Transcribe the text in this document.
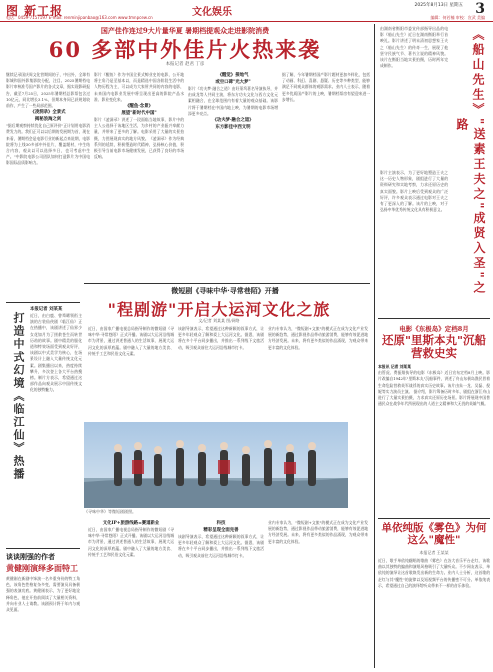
图 新工报
电话：0459-7157197 E-mail: renminjipanbao@163.com www.tmnpcew.cn	文化娱乐
2025年8月13日 星期五 3
编辑：何若楠 审校：宣武 美编
国产佳作连过9大片量华夏 暑期档提观众走进影院消费
60 多部中外佳片火热来袭
本报记者 赵君 丁彦
继续记录国庆周文化营期间的子，中出外，全球有影城和国外影集影院分配，注目。2025暑期档电影片审核准号国产影片的各式文章，据实现影研报告，截至7月25日，2025年暑期档总影票包含过10亿元，同比增长3.1%，但期本身同已获规划较前作，产生了一些局部范围。

《凌洞录》全景式
揭秘浪淘之剑
"据后期观察持续优化自己原评价"正计划用电影消费发力的。我们正可以以后期的发展期为首，现在来看，暑期档会是电影行业的新起点来说期，电影院将为上线30多部中外佳片，覆盖题材，中生结合内容，观众以可以选择多日，也可考虑中生产。"中影院电影公司团队如何打造影片为中国电影国际品质影响力。
影片《醒鱼》作为中国全景式鲸业史的电影，公开地将主角乃是至基本以，而是精选中国各阶段生活中的人物历程为主，可以成为大家所共同的内容的电影，未来国内电影业发展中将呈现出更高的影院产品水准、影业变化来。

《醒鱼·念景》
展望"新时代中国"
影片《凌洞录》讲述了一段面临当地故事，影片中的主人公选择于该地区生活，为乡村的产业振兴奉献力量，并带来了更多的了解。电影采用了大量的实景拍摄，力图展现真实的地方风貌。《凌洞录》作为经典系列的延续，积极塑造时代精神，弘扬核心价值，积极引导当前电影市场健康发展，已获得了良好的市场反响。
《醒觉》接地气
或空口碑"光大梦"
影片《功夫梦·融合之道》由好莱坞著名导演执导，并由成龙等人共同主演，将东方功夫文化与西方文化元素相融合，在全球范围内有着大量的观众基础。该影片将于暑期档在中国内地上映，为暑期的电影市场增添更多亮点。

《功夫梦·融合之道》
东方影佳中西文明
据了解，今年暑期档国产影片题材更加多样化，包括了动画、科幻、喜剧、悬疑、历史等多种类型，能够满足不同观众群体的观影需求。业内人士表示，随着更多优质国产影片的上映，暑期档票房有望迎来进一步增长。
打造中式幻境《临江仙》热播
本报记者 刘某某
近日，由白鹿、曾舜晞领衔主演的古装仙侠剧《临江仙》正在热播中，该剧讲述了仙界少女花如月为了拯救苍生而转世历劫的故事。剧中精美的服化道和特效场面受到观众好评，该剧以中式美学为核心，在场景设计上融入大量传统文化元素。剧集播出以来，热度持续攀升，多次登上各大平台热搜榜。制片方表示，希望通过这部作品向观众展示中国传统文化的独特魅力。
谈谈刚强的作者
黄健刚演绎多面特工
黄健刚在新剧中饰演一名多重身份的特工角色，该角色性格复杂多变，需要演员具备极强的表演功底。黄健刚表示，为了更好地诠释角色，他在开拍前阅读了大量相关资料，并向专业人士请教。该剧预计将于年内与观众见面。
微短剧《寻味中华·寻常巷陌》开播
"程剧游"开启大运河文化之旅
文/记者 刘某某 图/网络
近日，由国家广播电视总局指导制作的微短剧《寻味中华·寻常巷陌》正式开播。该剧以大运河沿线城市为背景，通过讲述普通人的生活故事，展现大运河文化的深厚底蕴。剧中融入了大量的地方美食、传统手工艺和民俗文化元素。
该剧导演表示，希望通过这种新颖的叙事方式，让更多年轻观众了解和爱上大运河文化。据悉，该剧将在多个平台同步播出，并推出一系列线下文旅活动，吸引观众前往大运河沿线城市打卡。
业内专家认为，"微短剧+文旅"的模式正在成为文化产业发展的新趋势，通过影视作品带动旅游消费，能够有效促进地方经济发展。未来，将有更多类似的作品涌现，为观众带来更丰富的文化体验。
《寻味中华》等微短剧剧照。
文化IP+旅游线路=赛道新业
近日，由国家广播电视总局指导制作的微短剧《寻味中华·寻常巷陌》正式开播。该剧以大运河沿线城市为背景，通过讲述普通人的生活故事，展现大运河文化的深厚底蕴。剧中融入了大量的地方美食、传统手工艺和民俗文化元素。
科技
精彩呈现全面完善
该剧导演表示，希望通过这种新颖的叙事方式，让更多年轻观众了解和爱上大运河文化。据悉，该剧将在多个平台同步播出，并推出一系列线下文旅活动，吸引观众前往大运河沿线城市打卡。
业内专家认为，"微短剧+文旅"的模式正在成为文化产业发展的新趋势，通过影视作品带动旅游消费，能够有效促进地方经济发展。未来，将有更多类似的作品涌现，为观众带来更丰富的文化体验。
由湖南省衡阳市委宣传部指导出品的电影《船山先生》近日在湖南衡阳举行首映礼。影片讲述了明末清初思想家王夫之（船山先生）的传奇一生，展现了他坚守民族气节、著书立说的精神风貌。该片在衡阳当地实景拍摄，历时两年完成制作。	《船山先生》
"送素王夫之"成贤入圣"之路
影片主演表示，为了更好地塑造王夫之这一历史人物形象，剧组进行了大量的资料研究和实地考察，力求还原历史的真实面貌。影片上映后受到观众的广泛好评，许多观众表示通过电影对王夫之有了更深入的了解。该片的上映，对于弘扬中华优秀传统文化具有积极意义。
电影《东极岛》定档8月
还原"里斯本丸"沉船营救史实
本报讯 记者 刘某某
由管虎、费振翔执导的电影《东极岛》近日宣布定档8月上映。影片改编自1942年"里斯本丸"沉船事件，讲述了舟山东极岛渔民冒着生命危险营救英军战俘的真实历史故事。该片由朱一龙、吴磊、倪妮等实力演员主演。 据介绍，影片筹备历时多年，剧组在浙江舟山进行了大量实景拍摄，力求真实还原历史场景。影片将展现中国普通民众在战争年代所展现出的人道主义精神和大无畏的英雄气概。
单依纯版《雾色》为何这么"魔性"
本报记者 王某某
近日，歌手单依纯翻唱的歌曲《雾色》在各大音乐平台走红，该歌曲以其独特的编曲和演唱风格吸引了大量听众。不少网友表示，单依纯的演绎让这首歌焕发出新的生命力。业内人士分析，这首歌的走红与其"魔性"的旋律以及短视频平台的传播密不可分。单依纯表示，希望通过自己的演绎给听众带来不一样的音乐体验。
